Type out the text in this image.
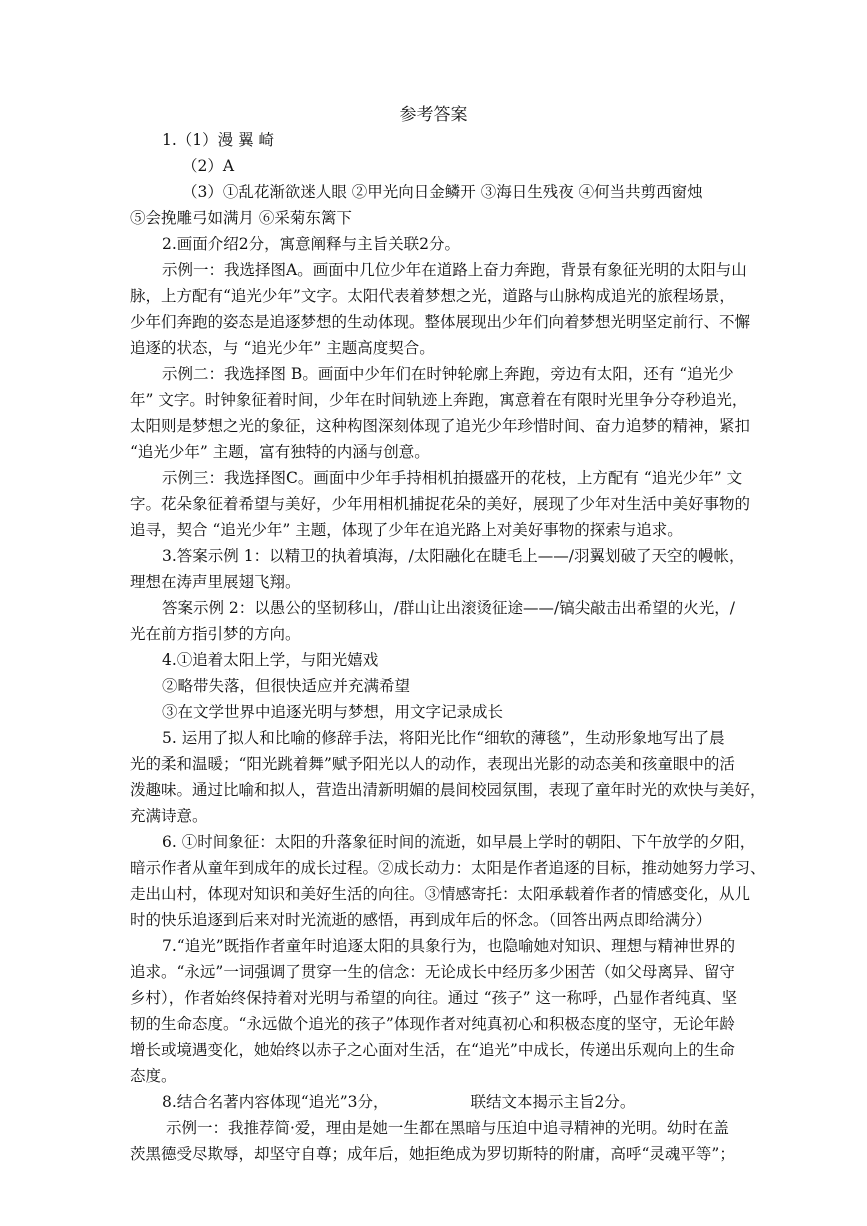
参考答案
1.（1）漫 翼 崎
（2）A
（3）①乱花渐欲迷人眼 ②甲光向日金鳞开 ③海日生残夜 ④何当共剪西窗烛
⑤会挽雕弓如满月 ⑥采菊东篱下
2.画面介绍2分，寓意阐释与主旨关联2分。
示例一：我选择图A。画面中几位少年在道路上奋力奔跑，背景有象征光明的太阳与山
脉，上方配有“追光少年”文字。太阳代表着梦想之光，道路与山脉构成追光的旅程场景，
少年们奔跑的姿态是追逐梦想的生动体现。整体展现出少年们向着梦想光明坚定前行、不懈
追逐的状态，与 “追光少年” 主题高度契合。
示例二：我选择图 B。画面中少年们在时钟轮廓上奔跑，旁边有太阳，还有 “追光少
年” 文字。时钟象征着时间，少年在时间轨迹上奔跑，寓意着在有限时光里争分夺秒追光，
太阳则是梦想之光的象征，这种构图深刻体现了追光少年珍惜时间、奋力追梦的精神，紧扣
“追光少年” 主题，富有独特的内涵与创意。
示例三：我选择图C。画面中少年手持相机拍摄盛开的花枝，上方配有 “追光少年” 文
字。花朵象征着希望与美好，少年用相机捕捉花朵的美好，展现了少年对生活中美好事物的
追寻，契合 “追光少年” 主题，体现了少年在追光路上对美好事物的探索与追求。
3.答案示例 1：以精卫的执着填海，/太阳融化在睫毛上——/羽翼划破了天空的幔帐，
理想在涛声里展翅飞翔。
答案示例 2：以愚公的坚韧移山，/群山让出滚烫征途——/镐尖敲击出希望的火光，/
光在前方指引梦的方向。
4.①追着太阳上学，与阳光嬉戏
②略带失落，但很快适应并充满希望
③在文学世界中追逐光明与梦想，用文字记录成长
5. 运用了拟人和比喻的修辞手法，将阳光比作“细软的薄毯”，生动形象地写出了晨
光的柔和温暖；“阳光跳着舞”赋予阳光以人的动作，表现出光影的动态美和孩童眼中的活
泼趣味。通过比喻和拟人，营造出清新明媚的晨间校园氛围，表现了童年时光的欢快与美好，
充满诗意。
6. ①时间象征：太阳的升落象征时间的流逝，如早晨上学时的朝阳、下午放学的夕阳，
暗示作者从童年到成年的成长过程。②成长动力：太阳是作者追逐的目标，推动她努力学习、
走出山村，体现对知识和美好生活的向往。③情感寄托：太阳承载着作者的情感变化，从儿
时的快乐追逐到后来对时光流逝的感悟，再到成年后的怀念。（回答出两点即给满分）
7.“追光”既指作者童年时追逐太阳的具象行为，也隐喻她对知识、理想与精神世界的
追求。“永远”一词强调了贯穿一生的信念：无论成长中经历多少困苦（如父母离异、留守
乡村），作者始终保持着对光明与希望的向往。通过 “孩子” 这一称呼，凸显作者纯真、坚
韧的生命态度。“永远做个追光的孩子”体现作者对纯真初心和积极态度的坚守，无论年龄
增长或境遇变化，她始终以赤子之心面对生活，在“追光”中成长，传递出乐观向上的生命
态度。
8.结合名著内容体现“追光”3分，	联结文本揭示主旨2分。
示例一：我推荐简·爱，理由是她一生都在黑暗与压迫中追寻精神的光明。幼时在盖
茨黑德受尽欺辱，却坚守自尊；成年后，她拒绝成为罗切斯特的附庸，高呼“灵魂平等”；
